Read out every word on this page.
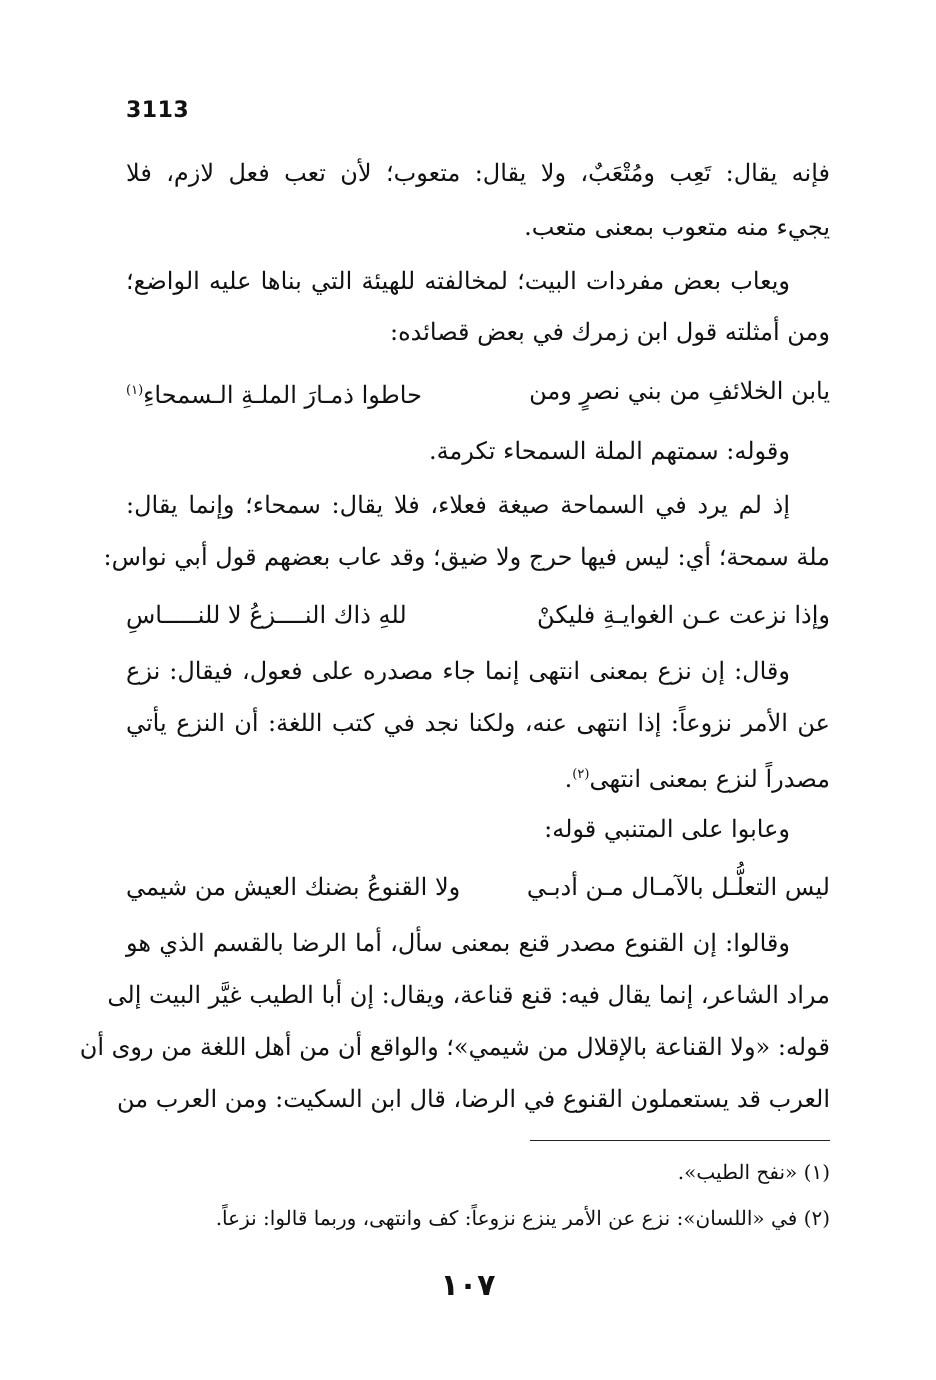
3113
فإنه يقال: تَعِب ومُتْعَبٌ، ولا يقال: متعوب؛ لأن تعب فعل لازم، فلا
يجيء منه متعوب بمعنى متعب.
ويعاب بعض مفردات البيت؛ لمخالفته للهيئة التي بناها عليه الواضع؛
ومن أمثلته قول ابن زمرك في بعض قصائده:
يابن الخلائفِ من بني نصرٍ ومن
حاطوا ذمـارَ الملـةِ الـسمحاءِ$^{(١)}$
وقوله: سمتهم الملة السمحاء تكرمة.
إذ لم يرد في السماحة صيغة فعلاء، فلا يقال: سمحاء؛ وإنما يقال:
ملة سمحة؛ أي: ليس فيها حرج ولا ضيق؛ وقد عاب بعضهم قول أبي نواس:
وإذا نزعت عـن الغوايـةِ فليكنْ
للهِ ذاك النــــزعُ لا للنـــــاسِ
وقال: إن نزع بمعنى انتهى إنما جاء مصدره على فعول، فيقال: نزع
عن الأمر نزوعاً: إذا انتهى عنه، ولكنا نجد في كتب اللغة: أن النزع يأتي
مصدراً لنزع بمعنى انتهى$^{(٢)}$.
وعابوا على المتنبي قوله:
ليس التعلُّـل بالآمـال مـن أدبـي
ولا القنوعُ بضنك العيش من شيمي
وقالوا: إن القنوع مصدر قنع بمعنى سأل، أما الرضا بالقسم الذي هو
مراد الشاعر، إنما يقال فيه: قنع قناعة، ويقال: إن أبا الطيب غيَّر البيت إلى
قوله: «ولا القناعة بالإقلال من شيمي»؛ والواقع أن من أهل اللغة من روى أن
العرب قد يستعملون القنوع في الرضا، قال ابن السكيت: ومن العرب من
(١) «نفح الطيب».
(٢) في «اللسان»: نزع عن الأمر ينزع نزوعاً: كف وانتهى، وربما قالوا: نزعاً.
١٠٧
